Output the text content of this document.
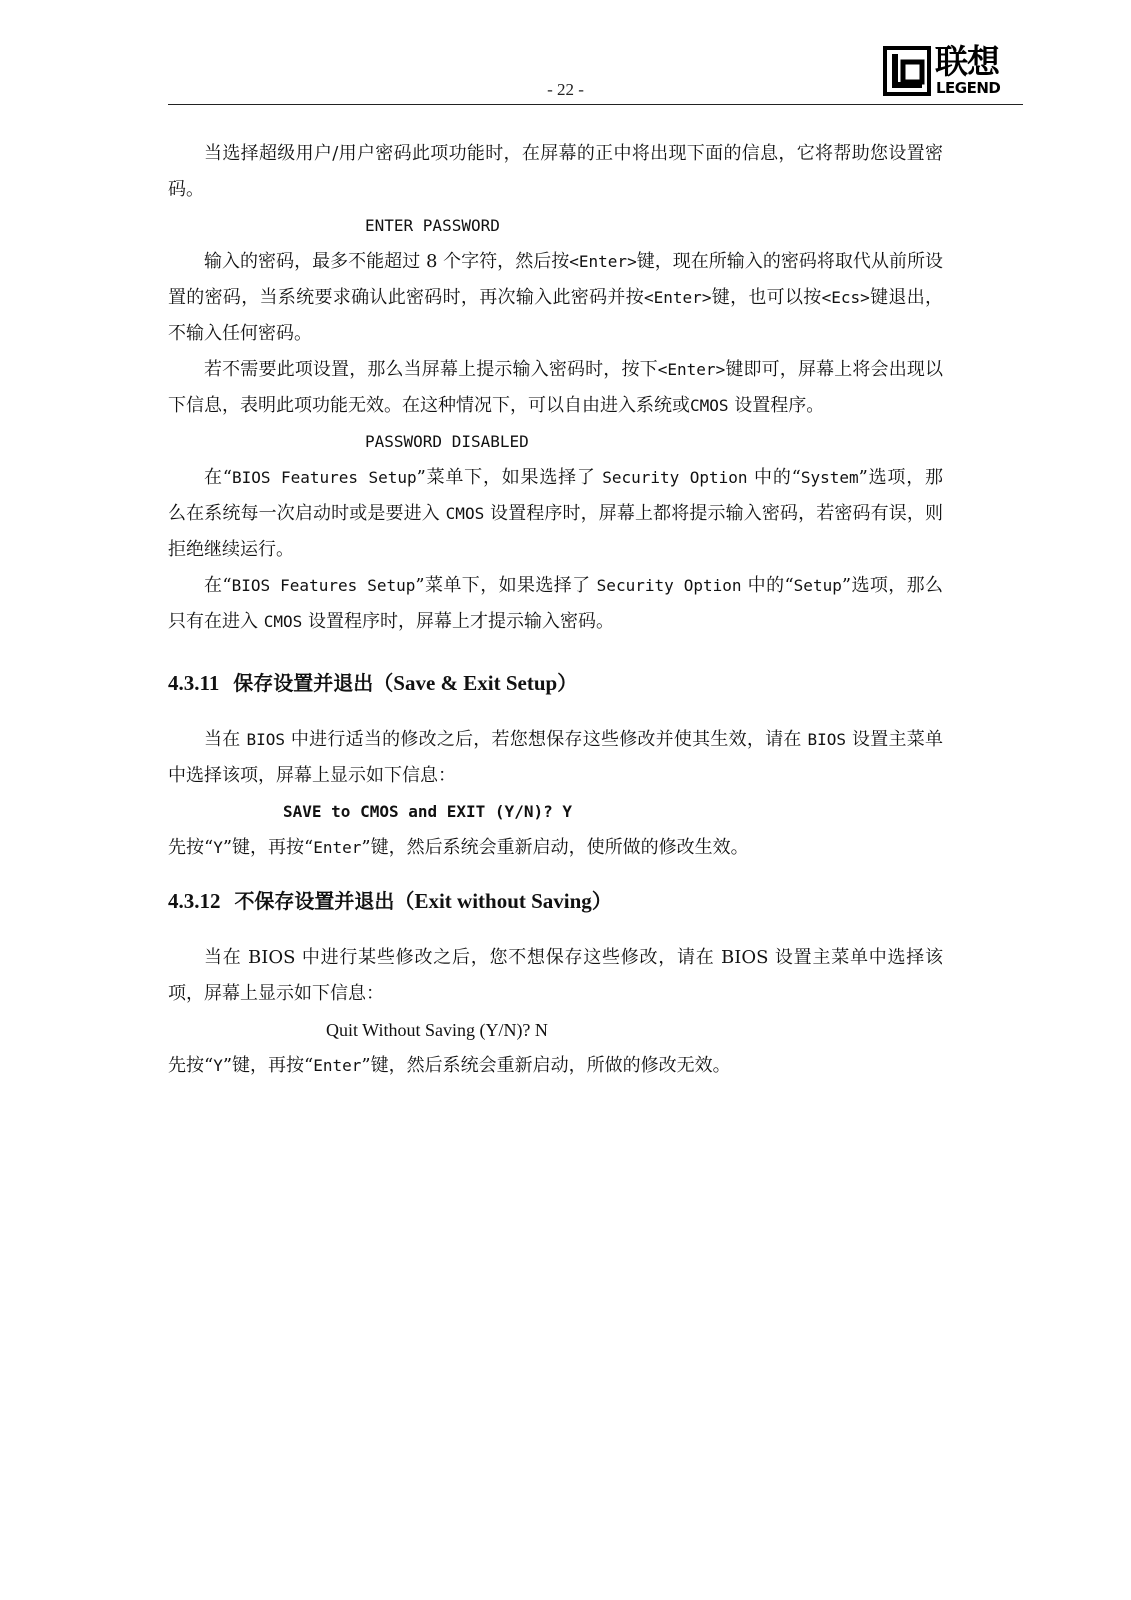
- 22 -
联想
LEGEND

当选择超级用户/用户密码此项功能时，在屏幕的正中将出现下面的信息，它将帮助您设置密码。

ENTER PASSWORD

输入的密码，最多不能超过 8 个字符，然后按<Enter>键，现在所输入的密码将取代从前所设置的密码，当系统要求确认此密码时，再次输入此密码并按<Enter>键，也可以按<Ecs>键退出，不输入任何密码。

若不需要此项设置，那么当屏幕上提示输入密码时，按下<Enter>键即可，屏幕上将会出现以下信息，表明此项功能无效。在这种情况下，可以自由进入系统或CMOS 设置程序。

PASSWORD DISABLED

在“BIOS Features Setup”菜单下，如果选择了 Security Option 中的“System”选项，那么在系统每一次启动时或是要进入 CMOS 设置程序时，屏幕上都将提示输入密码，若密码有误，则拒绝继续运行。

在“BIOS Features Setup”菜单下，如果选择了 Security Option 中的“Setup”选项，那么只有在进入 CMOS 设置程序时，屏幕上才提示输入密码。

4.3.11 保存设置并退出（Save & Exit Setup）

当在 BIOS 中进行适当的修改之后，若您想保存这些修改并使其生效，请在 BIOS 设置主菜单中选择该项，屏幕上显示如下信息：

SAVE to CMOS and EXIT (Y/N)? Y

先按“Y”键，再按“Enter”键，然后系统会重新启动，使所做的修改生效。

4.3.12 不保存设置并退出（Exit without Saving）

当在 BIOS 中进行某些修改之后，您不想保存这些修改，请在 BIOS 设置主菜单中选择该项，屏幕上显示如下信息：

Quit Without Saving (Y/N)? N

先按“Y”键，再按“Enter”键，然后系统会重新启动，所做的修改无效。
